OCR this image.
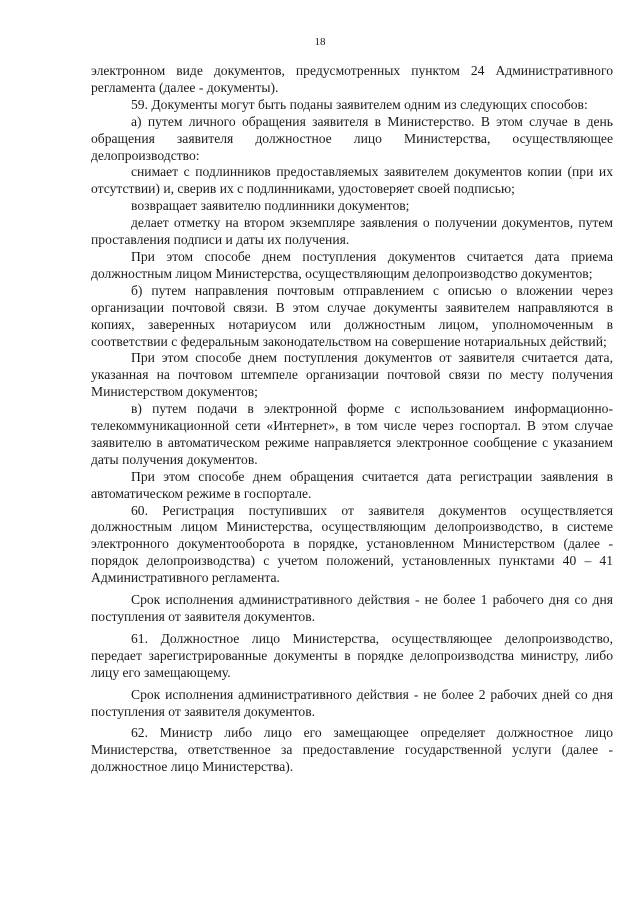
18

электронном виде документов, предусмотренных пунктом 24 Административного регламента (далее - документы).

59. Документы могут быть поданы заявителем одним из следующих способов:

а) путем личного обращения заявителя в Министерство. В этом случае в день обращения заявителя должностное лицо Министерства, осуществляющее делопроизводство:

снимает с подлинников предоставляемых заявителем документов копии (при их отсутствии) и, сверив их с подлинниками, удостоверяет своей подписью;

возвращает заявителю подлинники документов;

делает отметку на втором экземпляре заявления о получении документов, путем проставления подписи и даты их получения.

При этом способе днем поступления документов считается дата приема должностным лицом Министерства, осуществляющим делопроизводство документов;

б) путем направления почтовым отправлением с описью о вложении через организации почтовой связи. В этом случае документы заявителем направляются в копиях, заверенных нотариусом или должностным лицом, уполномоченным в соответствии с федеральным законодательством на совершение нотариальных действий;

При этом способе днем поступления документов от заявителя считается дата, указанная на почтовом штемпеле организации почтовой связи по месту получения Министерством документов;

в) путем подачи в электронной форме с использованием информационно-телекоммуникационной сети «Интернет», в том числе через госпортал. В этом случае заявителю в автоматическом режиме направляется электронное сообщение с указанием даты получения документов.

При этом способе днем обращения считается дата регистрации заявления в автоматическом режиме в госпортале.

60. Регистрация поступивших от заявителя документов осуществляется должностным лицом Министерства, осуществляющим делопроизводство, в системе электронного документооборота в порядке, установленном Министерством (далее - порядок делопроизводства) с учетом положений, установленных пунктами 40 – 41 Административного регламента.

Срок исполнения административного действия - не более 1 рабочего дня со дня поступления от заявителя документов.

61. Должностное лицо Министерства, осуществляющее делопроизводство, передает зарегистрированные документы в порядке делопроизводства министру, либо лицу его замещающему.

Срок исполнения административного действия - не более 2 рабочих дней со дня поступления от заявителя документов.

62. Министр либо лицо его замещающее определяет должностное лицо Министерства, ответственное за предоставление государственной услуги (далее - должностное лицо Министерства).
